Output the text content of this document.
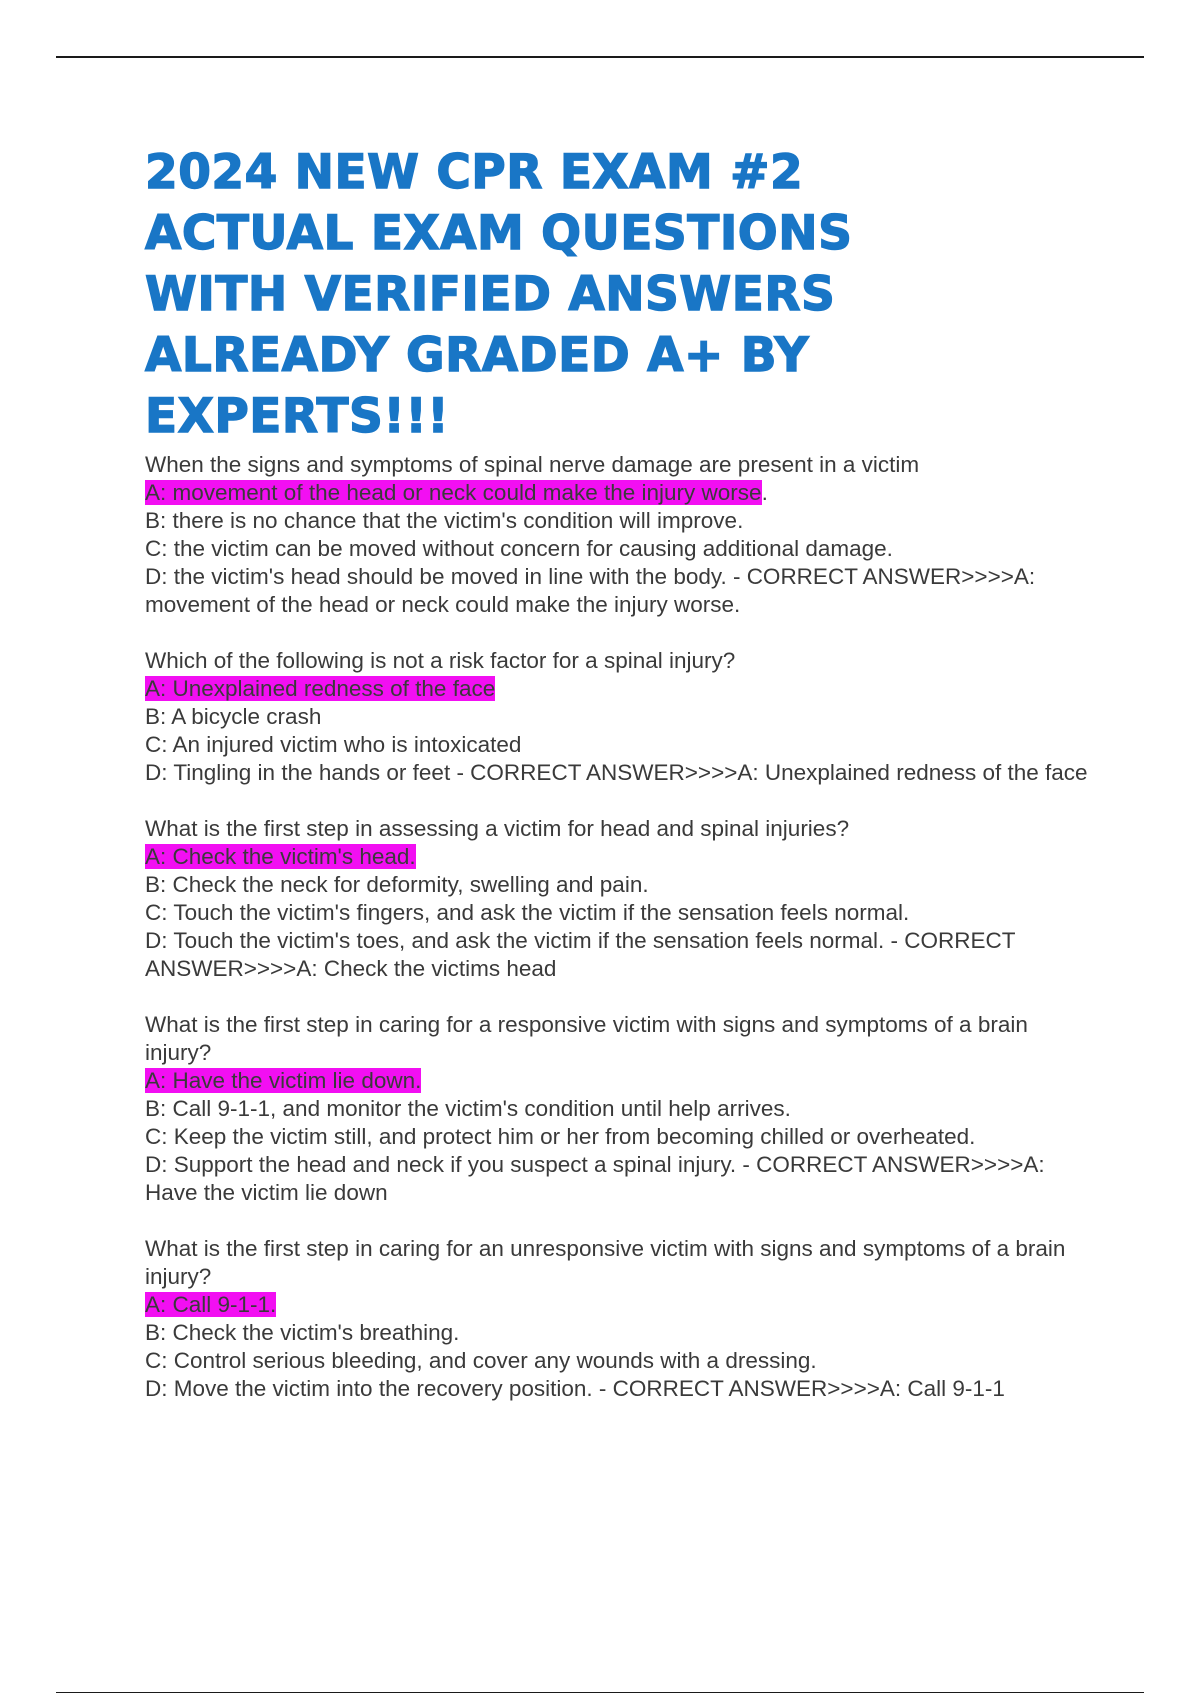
2024 NEW CPR EXAM #2
ACTUAL EXAM QUESTIONS
WITH VERIFIED ANSWERS
ALREADY GRADED A+ BY
EXPERTS!!!
When the signs and symptoms of spinal nerve damage are present in a victim
A: movement of the head or neck could make the injury worse.
B: there is no chance that the victim's condition will improve.
C: the victim can be moved without concern for causing additional damage.
D: the victim's head should be moved in line with the body. - CORRECT ANSWER>>>>A: movement of the head or neck could make the injury worse.
Which of the following is not a risk factor for a spinal injury?
A: Unexplained redness of the face
B: A bicycle crash
C: An injured victim who is intoxicated
D: Tingling in the hands or feet - CORRECT ANSWER>>>>A: Unexplained redness of the face
What is the first step in assessing a victim for head and spinal injuries?
A: Check the victim's head.
B: Check the neck for deformity, swelling and pain.
C: Touch the victim's fingers, and ask the victim if the sensation feels normal.
D: Touch the victim's toes, and ask the victim if the sensation feels normal. - CORRECT ANSWER>>>>A: Check the victims head
What is the first step in caring for a responsive victim with signs and symptoms of a brain injury?
A: Have the victim lie down.
B: Call 9-1-1, and monitor the victim's condition until help arrives.
C: Keep the victim still, and protect him or her from becoming chilled or overheated.
D: Support the head and neck if you suspect a spinal injury. - CORRECT ANSWER>>>>A: Have the victim lie down
What is the first step in caring for an unresponsive victim with signs and symptoms of a brain injury?
A: Call 9-1-1.
B: Check the victim's breathing.
C: Control serious bleeding, and cover any wounds with a dressing.
D: Move the victim into the recovery position. - CORRECT ANSWER>>>>A: Call 9-1-1
